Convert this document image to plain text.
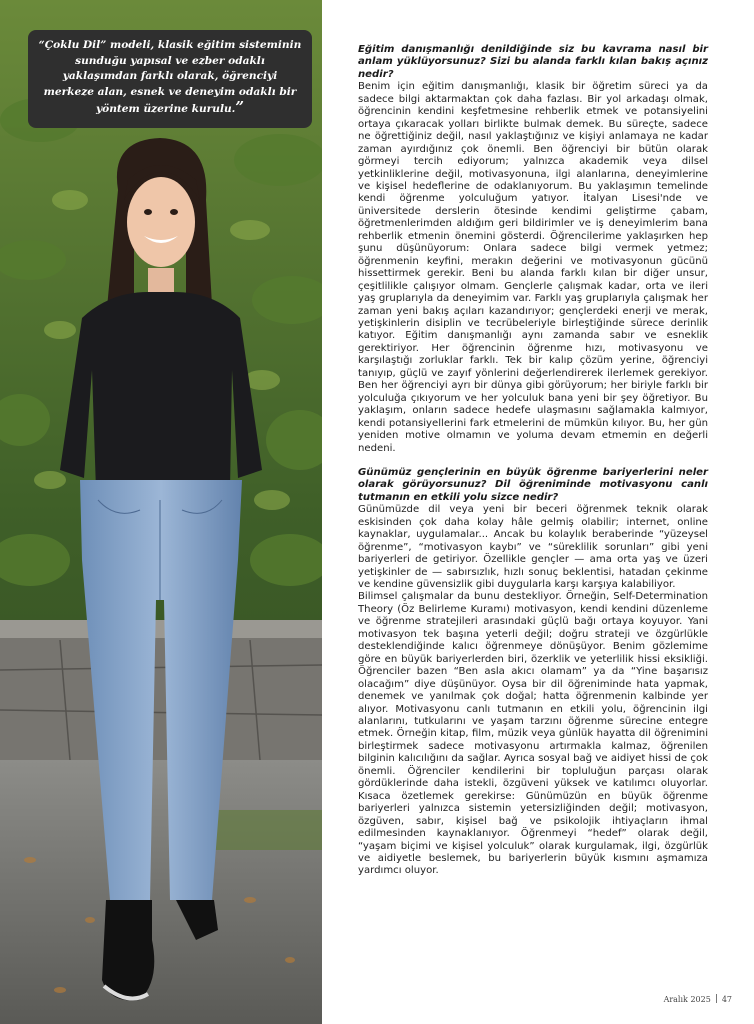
“Çoklu Dil” modeli, klasik eğitim sisteminin sunduğu yapısal ve ezber odaklı yaklaşımdan farklı olarak, öğrenciyi merkeze alan, esnek ve deneyim odaklı bir yöntem üzerine kurulu.”

Eğitim danışmanlığı denildiğinde siz bu kavrama nasıl bir anlam yüklüyorsunuz? Sizi bu alanda farklı kılan bakış açınız nedir?

Benim için eğitim danışmanlığı, klasik bir öğretim süreci ya da sadece bilgi aktarmaktan çok daha fazlası. Bir yol arkadaşı olmak, öğrencinin kendini keşfetmesine rehberlik etmek ve potansiyelini ortaya çıkaracak yolları birlikte bulmak demek. Bu süreçte, sadece ne öğrettiğiniz değil, nasıl yaklaştığınız ve kişiyi anlamaya ne kadar zaman ayırdığınız çok önemli. Ben öğrenciyi bir bütün olarak görmeyi tercih ediyorum; yalnızca akademik veya dilsel yetkinliklerine değil, motivasyonuna, ilgi alanlarına, deneyimlerine ve kişisel hedeflerine de odaklanıyorum. Bu yaklaşımın temelinde kendi öğrenme yolculuğum yatıyor. İtalyan Lisesi'nde ve üniversitede derslerin ötesinde kendimi geliştirme çabam, öğretmenlerimden aldığım geri bildirimler ve iş deneyimlerim bana rehberlik etmenin önemini gösterdi. Öğrencilerime yaklaşırken hep şunu düşünüyorum: Onlara sadece bilgi vermek yetmez; öğrenmenin keyfini, merakın değerini ve motivasyonun gücünü hissettirmek gerekir. Beni bu alanda farklı kılan bir diğer unsur, çeşitlilikle çalışıyor olmam. Gençlerle çalışmak kadar, orta ve ileri yaş gruplarıyla da deneyimim var. Farklı yaş gruplarıyla çalışmak her zaman yeni bakış açıları kazandırıyor; gençlerdeki enerji ve merak, yetişkinlerin disiplin ve tecrübeleriyle birleştiğinde sürece derinlik katıyor. Eğitim danışmanlığı aynı zamanda sabır ve esneklik gerektiriyor. Her öğrencinin öğrenme hızı, motivasyonu ve karşılaştığı zorluklar farklı. Tek bir kalıp çözüm yerine, öğrenciyi tanıyıp, güçlü ve zayıf yönlerini değerlendirerek ilerlemek gerekiyor. Ben her öğrenciyi ayrı bir dünya gibi görüyorum; her biriyle farklı bir yolculuğa çıkıyorum ve her yolculuk bana yeni bir şey öğretiyor. Bu yaklaşım, onların sadece hedefe ulaşmasını sağlamakla kalmıyor, kendi potansiyellerini fark etmelerini de mümkün kılıyor. Bu, her gün yeniden motive olmamın ve yoluma devam etmemin en değerli nedeni.

Günümüz gençlerinin en büyük öğrenme bariyerlerini neler olarak görüyorsunuz? Dil öğreniminde motivasyonu canlı tutmanın en etkili yolu sizce nedir?

Günümüzde dil veya yeni bir beceri öğrenmek teknik olarak eskisinden çok daha kolay hâle gelmiş olabilir; internet, online kaynaklar, uygulamalar... Ancak bu kolaylık beraberinde “yüzeysel öğrenme”, “motivasyon kaybı” ve “süreklilik sorunları” gibi yeni bariyerleri de getiriyor. Özellikle gençler — ama orta yaş ve üzeri yetişkinler de — sabırsızlık, hızlı sonuç beklentisi, hatadan çekinme ve kendine güvensizlik gibi duygularla karşı karşıya kalabiliyor.

Bilimsel çalışmalar da bunu destekliyor. Örneğin, Self-Determination Theory (Öz Belirleme Kuramı) motivasyon, kendi kendini düzenleme ve öğrenme stratejileri arasındaki güçlü bağı ortaya koyuyor. Yani motivasyon tek başına yeterli değil; doğru strateji ve özgürlükle desteklendiğinde kalıcı öğrenmeye dönüşüyor. Benim gözlemime göre en büyük bariyerlerden biri, özerklik ve yeterlilik hissi eksikliği. Öğrenciler bazen “Ben asla akıcı olamam” ya da “Yine başarısız olacağım” diye düşünüyor. Oysa bir dil öğreniminde hata yapmak, denemek ve yanılmak çok doğal; hatta öğrenmenin kalbinde yer alıyor. Motivasyonu canlı tutmanın en etkili yolu, öğrencinin ilgi alanlarını, tutkularını ve yaşam tarzını öğrenme sürecine entegre etmek. Örneğin kitap, film, müzik veya günlük hayatta dil öğrenimini birleştirmek sadece motivasyonu artırmakla kalmaz, öğrenilen bilginin kalıcılığını da sağlar. Ayrıca sosyal bağ ve aidiyet hissi de çok önemli. Öğrenciler kendilerini bir topluluğun parçası olarak gördüklerinde daha istekli, özgüveni yüksek ve katılımcı oluyorlar. Kısaca özetlemek gerekirse: Günümüzün en büyük öğrenme bariyerleri yalnızca sistemin yetersizliğinden değil; motivasyon, özgüven, sabır, kişisel bağ ve psikolojik ihtiyaçların ihmal edilmesinden kaynaklanıyor. Öğrenmeyi “hedef” olarak değil, “yaşam biçimi ve kişisel yolculuk” olarak kurgulamak, ilgi, özgürlük ve aidiyetle beslemek, bu bariyerlerin büyük kısmını aşmamıza yardımcı oluyor.

Aralık 2025 47
